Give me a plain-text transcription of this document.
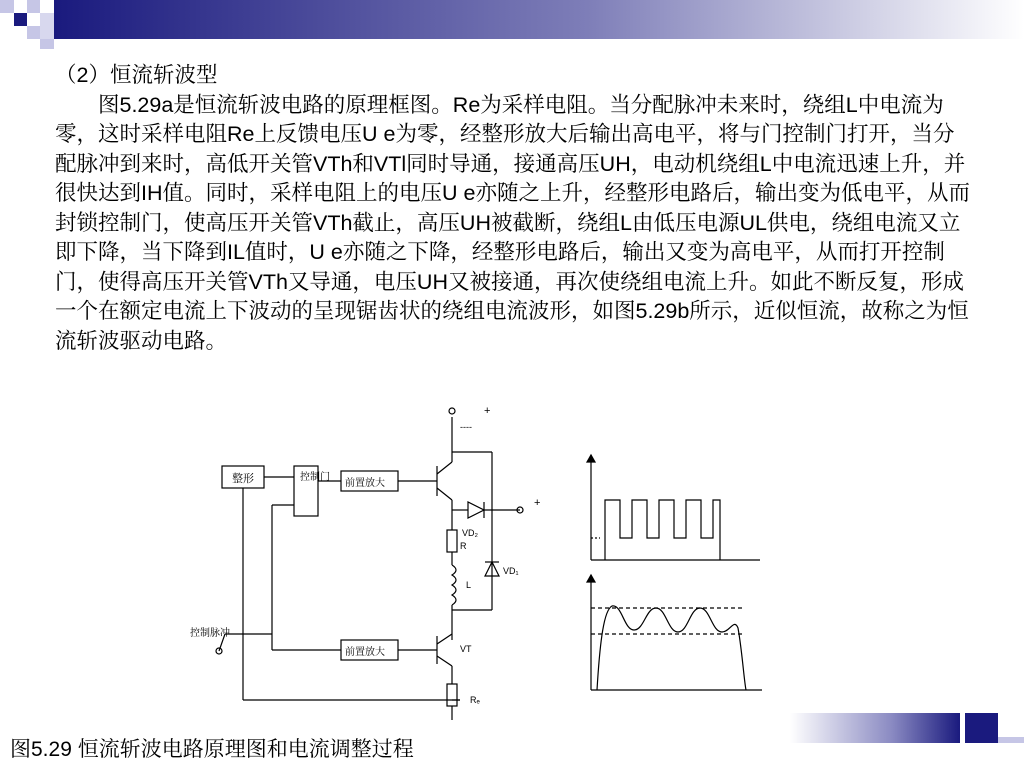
（2）恒流斩波型

图5.29a是恒流斩波电路的原理框图。Re为采样电阻。当分配脉冲未来时，绕组L中电流为零，这时采样电阻Re上反馈电压U e为零，经整形放大后输出高电平，将与门控制门打开，当分配脉冲到来时，高低开关管VTh和VTl同时导通，接通高压UH，电动机绕组L中电流迅速上升，并很快达到IH值。同时，采样电阻上的电压U e亦随之上升，经整形电路后，输出变为低电平，从而封锁控制门，使高压开关管VTh截止，高压UH被截断，绕组L由低压电源UL供电，绕组电流又立即下降，当下降到IL值时，U e亦随之下降，经整形电路后，输出又变为高电平，从而打开控制门，使得高压开关管VTh又导通，电压UH又被接通，再次使绕组电流上升。如此不断反复，形成一个在额定电流上下波动的呈现锯齿状的绕组电流波形，如图5.29b所示，近似恒流，故称之为恒流斩波驱动电路。

整形	控制门
前置放大
前置放大
控制脉冲
+
+
----
VD₂
R
VD₁
L
VT
Rₑ
图5.29 恒流斩波电路原理图和电流调整过程
